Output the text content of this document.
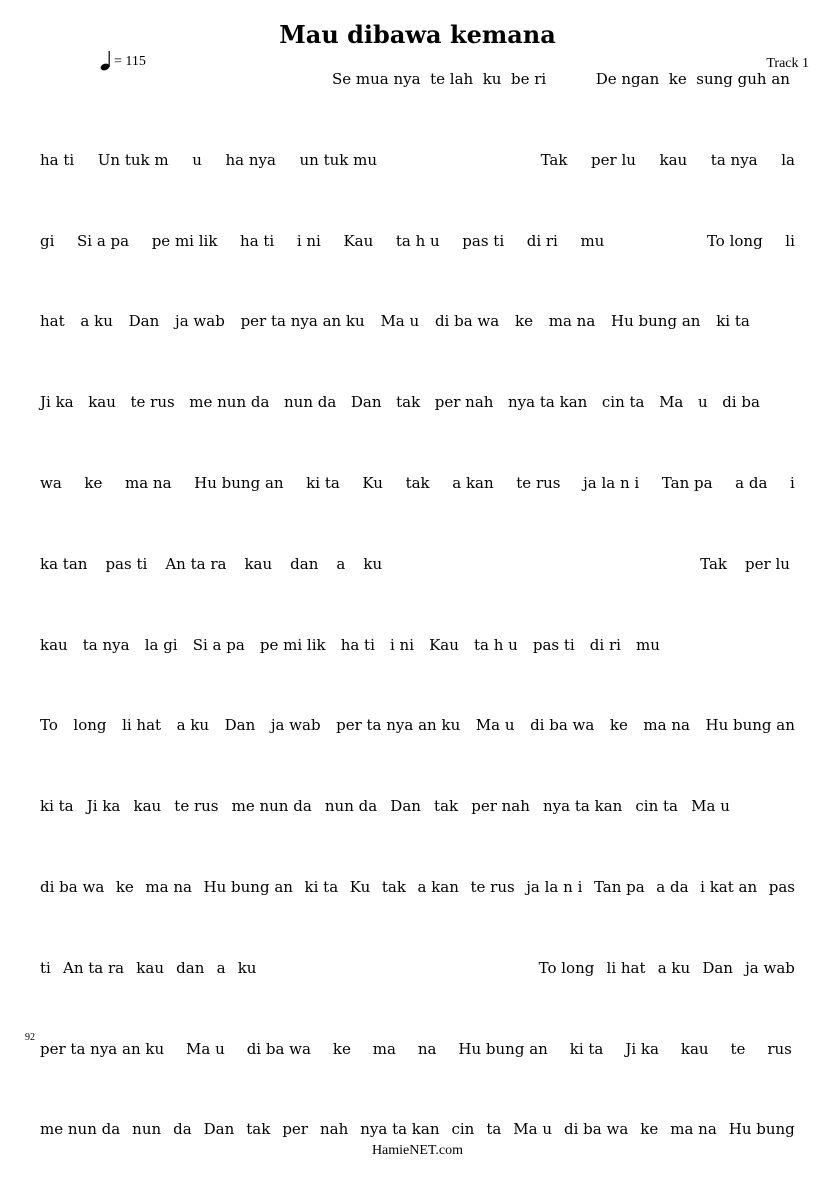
Mau dibawa kemana
= 115	Track 1
92
Se mua nya te lah ku be ri	De ngan ke sung guh an
ha ti Un tuk m u ha nya un tuk mu	Tak per lu kau ta nya la
gi Si a pa pe mi lik ha ti i ni Kau ta h u pas ti di ri mu	To long li
hat a ku Dan ja wab per ta nya an ku Ma u di ba wa ke ma na Hu bung an ki ta
Ji ka kau te rus me nun da nun da Dan tak per nah nya ta kan cin ta Ma u di ba
wa ke ma na Hu bung an ki ta Ku tak a kan te rus ja la n i Tan pa a da i
ka tan pas ti An ta ra kau dan a ku	Tak per lu
kau ta nya la gi Si a pa pe mi lik ha ti i ni Kau ta h u pas ti di ri mu
To long li hat a ku Dan ja wab per ta nya an ku Ma u di ba wa ke ma na Hu bung an
ki ta Ji ka kau te rus me nun da nun da Dan tak per nah nya ta kan cin ta Ma u
di ba wa ke ma na Hu bung an ki ta Ku tak a kan te rus ja la n i Tan pa a da i kat an pas
ti An ta ra kau dan a ku	To long li hat a ku Dan ja wab
per ta nya an ku Ma u di ba wa ke ma na Hu bung an ki ta Ji ka kau te rus
me nun da nun da Dan tak per nah nya ta kan cin ta Ma u di ba wa ke ma na Hu bung
HamieNET.com
